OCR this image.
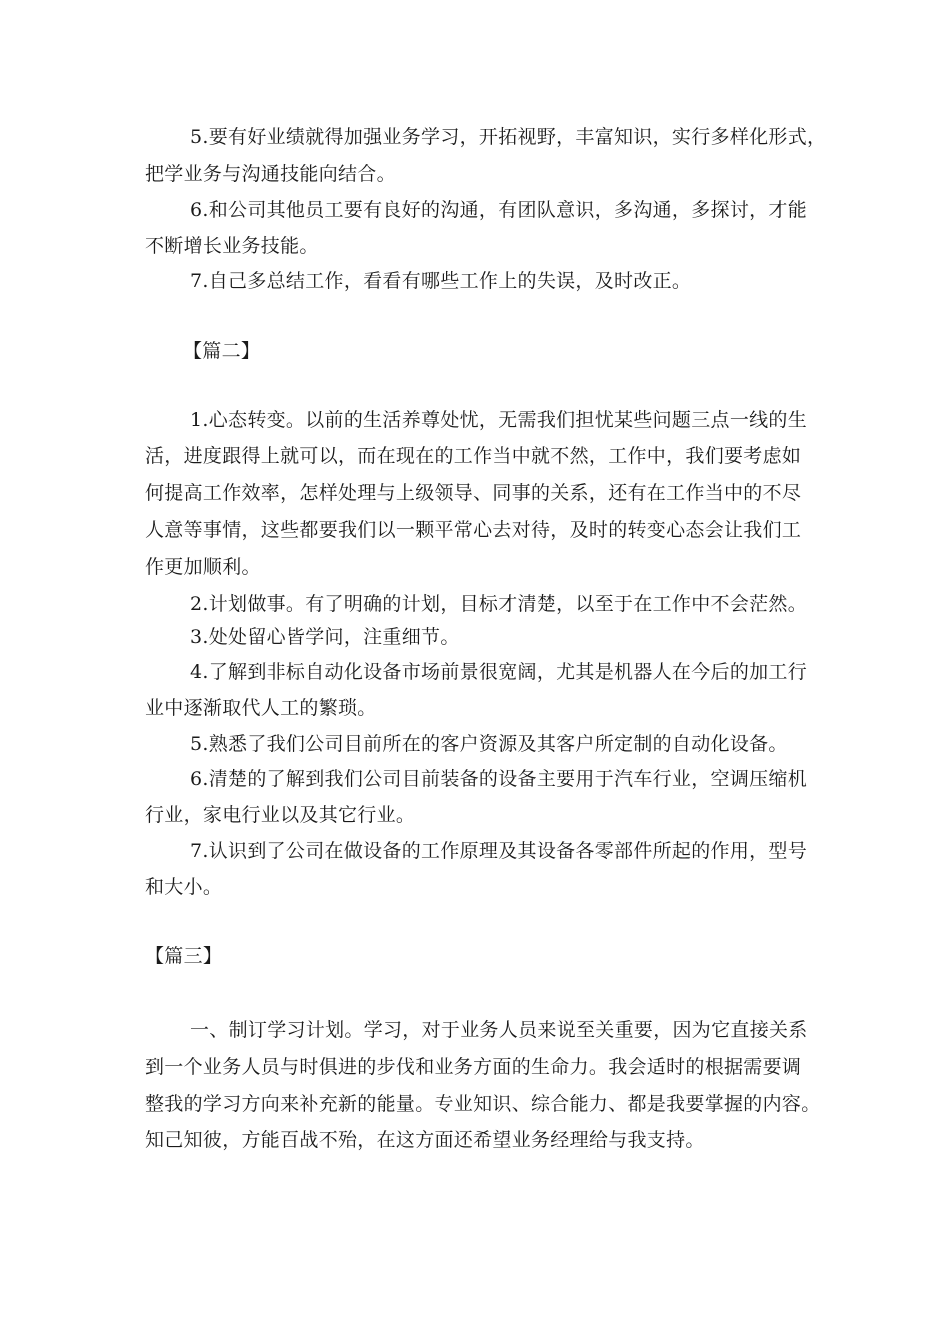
5.要有好业绩就得加强业务学习，开拓视野，丰富知识，实行多样化形式，
把学业务与沟通技能向结合。
6.和公司其他员工要有良好的沟通，有团队意识，多沟通，多探讨，才能
不断增长业务技能。
7.自己多总结工作，看看有哪些工作上的失误，及时改正。
【篇二】
1.心态转变。以前的生活养尊处忧，无需我们担忧某些问题三点一线的生
活，进度跟得上就可以，而在现在的工作当中就不然，工作中，我们要考虑如
何提高工作效率，怎样处理与上级领导、同事的关系，还有在工作当中的不尽
人意等事情，这些都要我们以一颗平常心去对待，及时的转变心态会让我们工
作更加顺利。
2.计划做事。有了明确的计划，目标才清楚，以至于在工作中不会茫然。
3.处处留心皆学问，注重细节。
4.了解到非标自动化设备市场前景很宽阔，尤其是机器人在今后的加工行
业中逐渐取代人工的繁琐。
5.熟悉了我们公司目前所在的客户资源及其客户所定制的自动化设备。
6.清楚的了解到我们公司目前装备的设备主要用于汽车行业，空调压缩机
行业，家电行业以及其它行业。
7.认识到了公司在做设备的工作原理及其设备各零部件所起的作用，型号
和大小。
【篇三】
一、制订学习计划。学习，对于业务人员来说至关重要，因为它直接关系
到一个业务人员与时俱进的步伐和业务方面的生命力。我会适时的根据需要调
整我的学习方向来补充新的能量。专业知识、综合能力、都是我要掌握的内容。
知己知彼，方能百战不殆，在这方面还希望业务经理给与我支持。
